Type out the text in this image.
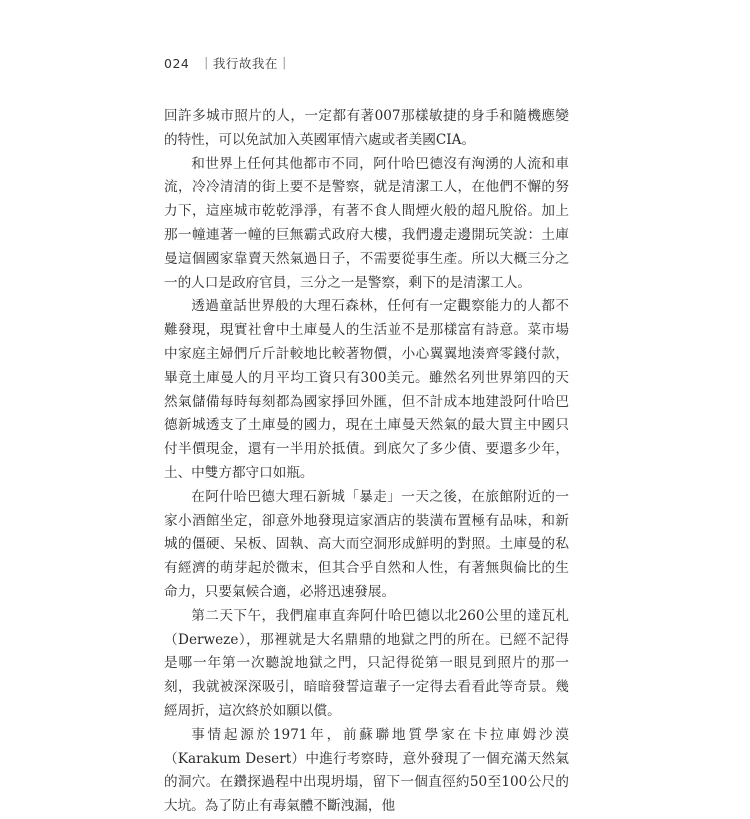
024 ｜我行故我在｜

回許多城市照片的人，一定都有著007那樣敏捷的身手和隨機應變的特性，可以免試加入英國軍情六處或者美國CIA。

和世界上任何其他都市不同，阿什哈巴德沒有洶湧的人流和車流，冷冷清清的街上要不是警察，就是清潔工人，在他們不懈的努力下，這座城市乾乾淨淨，有著不食人間煙火般的超凡脫俗。加上那一幢連著一幢的巨無霸式政府大樓，我們邊走邊開玩笑說：土庫曼這個國家靠賣天然氣過日子，不需要從事生產。所以大概三分之一的人口是政府官員，三分之一是警察，剩下的是清潔工人。

透過童話世界般的大理石森林，任何有一定觀察能力的人都不難發現，現實社會中土庫曼人的生活並不是那樣富有詩意。菜市場中家庭主婦們斤斤計較地比較著物價，小心翼翼地湊齊零錢付款，畢竟土庫曼人的月平均工資只有300美元。雖然名列世界第四的天然氣儲備每時每刻都為國家掙回外匯，但不計成本地建設阿什哈巴德新城透支了土庫曼的國力，現在土庫曼天然氣的最大買主中國只付半價現金，還有一半用於抵債。到底欠了多少債、要還多少年，土、中雙方都守口如瓶。

在阿什哈巴德大理石新城「暴走」一天之後，在旅館附近的一家小酒館坐定，卻意外地發現這家酒店的裝潢布置極有品味，和新城的僵硬、呆板、固執、高大而空洞形成鮮明的對照。土庫曼的私有經濟的萌芽起於微末，但其合乎自然和人性，有著無與倫比的生命力，只要氣候合適，必將迅速發展。

第二天下午，我們雇車直奔阿什哈巴德以北260公里的達瓦札（Derweze），那裡就是大名鼎鼎的地獄之門的所在。已經不記得是哪一年第一次聽說地獄之門，只記得從第一眼見到照片的那一刻，我就被深深吸引，暗暗發誓這輩子一定得去看看此等奇景。幾經周折，這次終於如願以償。

事情起源於1971年，前蘇聯地質學家在卡拉庫姆沙漠（Karakum Desert）中進行考察時，意外發現了一個充滿天然氣的洞穴。在鑽探過程中出現坍塌，留下一個直徑約50至100公尺的大坑。為了防止有毒氣體不斷洩漏，他
